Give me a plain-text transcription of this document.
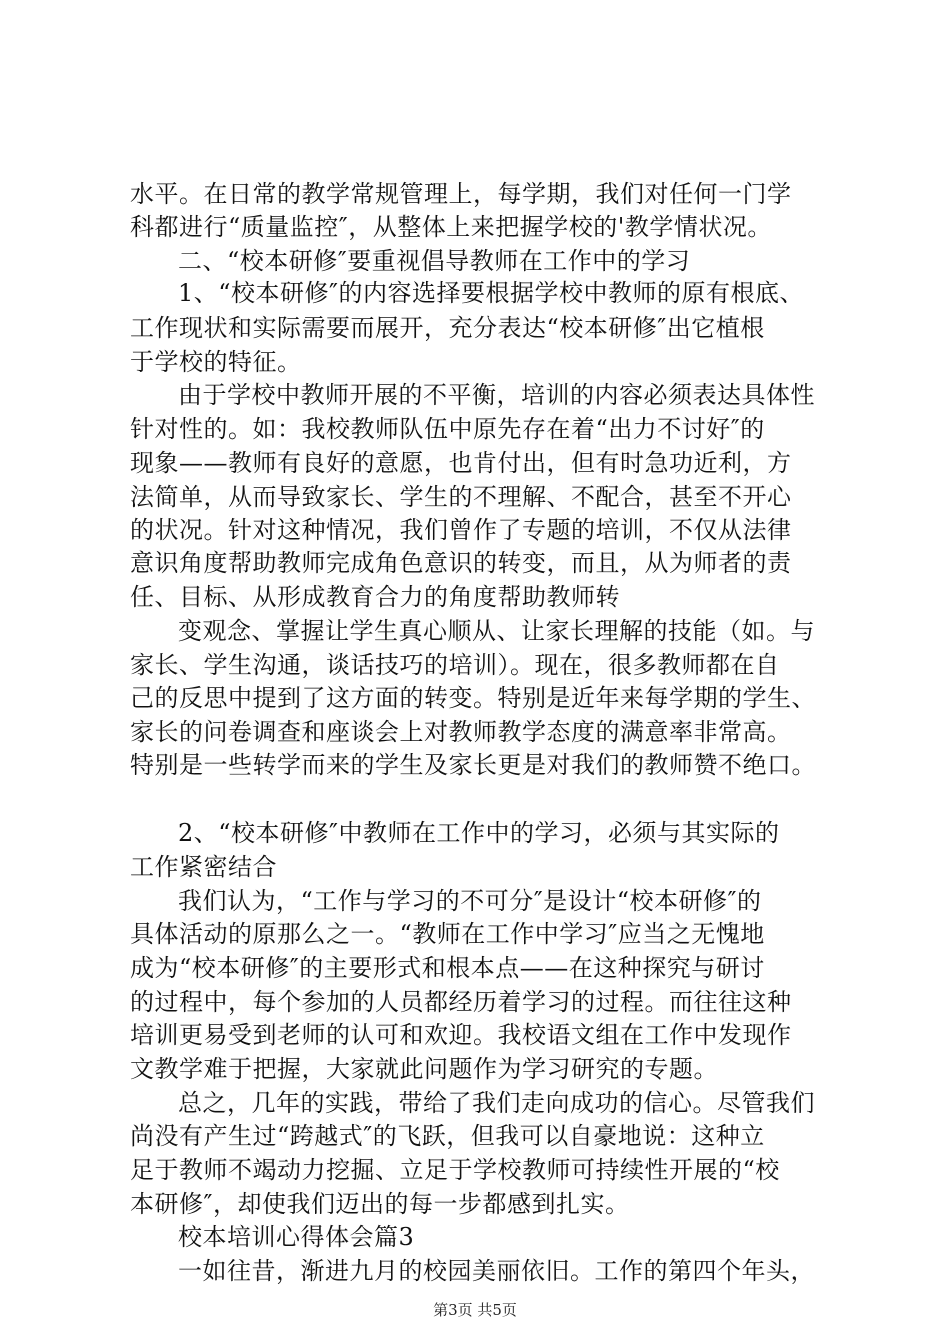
水平。在日常的教学常规管理上，每学期，我们对任何一门学
科都进行“质量监控″，从整体上来把握学校的'教学情状况。
二、“校本研修″要重视倡导教师在工作中的学习
1、“校本研修″的内容选择要根据学校中教师的原有根底、
工作现状和实际需要而展开，充分表达“校本研修″出它植根
于学校的特征。
由于学校中教师开展的不平衡，培训的内容必须表达具体性
针对性的。如：我校教师队伍中原先存在着“出力不讨好″的
现象——教师有良好的意愿，也肯付出，但有时急功近利，方
法简单，从而导致家长、学生的不理解、不配合，甚至不开心
的状况。针对这种情况，我们曾作了专题的培训，不仅从法律
意识角度帮助教师完成角色意识的转变，而且，从为师者的责
任、目标、从形成教育合力的角度帮助教师转
变观念、掌握让学生真心顺从、让家长理解的技能（如。与
家长、学生沟通，谈话技巧的培训）。现在，很多教师都在自
己的反思中提到了这方面的转变。特别是近年来每学期的学生、
家长的问卷调查和座谈会上对教师教学态度的满意率非常高。
特别是一些转学而来的学生及家长更是对我们的教师赞不绝口。
2、“校本研修″中教师在工作中的学习，必须与其实际的
工作紧密结合
我们认为，“工作与学习的不可分″是设计“校本研修″的
具体活动的原那么之一。“教师在工作中学习″应当之无愧地
成为“校本研修″的主要形式和根本点——在这种探究与研讨
的过程中，每个参加的人员都经历着学习的过程。而往往这种
培训更易受到老师的认可和欢迎。我校语文组在工作中发现作
文教学难于把握，大家就此问题作为学习研究的专题。
总之，几年的实践，带给了我们走向成功的信心。尽管我们
尚没有产生过“跨越式″的飞跃，但我可以自豪地说：这种立
足于教师不竭动力挖掘、立足于学校教师可持续性开展的“校
本研修″，却使我们迈出的每一步都感到扎实。
校本培训心得体会篇3
一如往昔，渐进九月的校园美丽依旧。工作的第四个年头，
第3页 共5页
